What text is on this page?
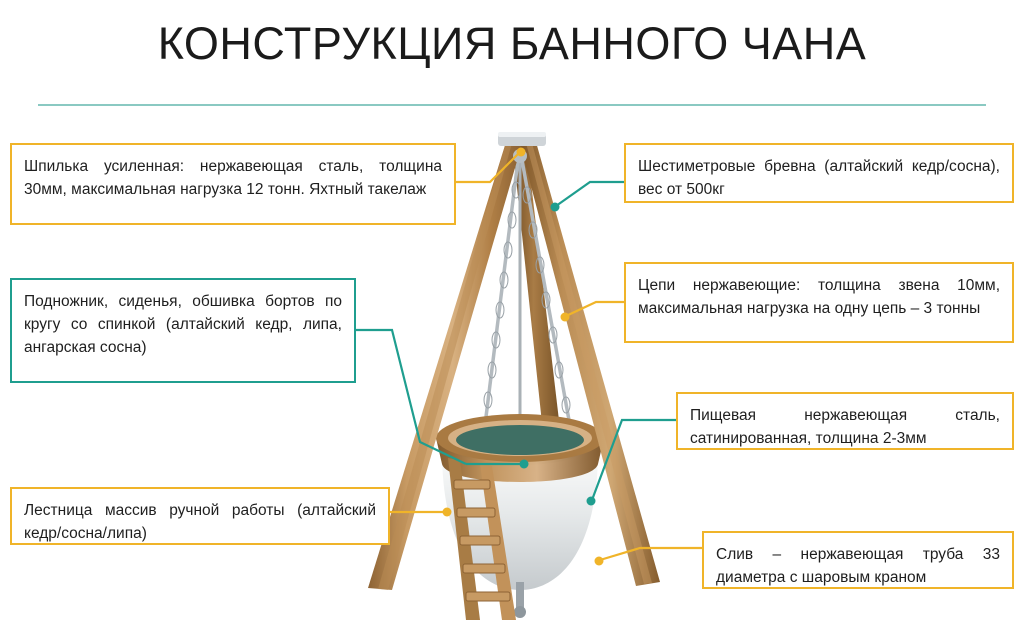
КОНСТРУКЦИЯ БАННОГО ЧАНА

Шпилька усиленная: нержавеющая сталь, толщина 30мм, максимальная нагрузка 12 тонн. Яхтный такелаж

Шестиметровые бревна (алтайский кедр/сосна), вес от 500кг

Подножник, сиденья, обшивка бортов по кругу со спинкой (алтайский кедр, липа, ангарская сосна)

Цепи нержавеющие: толщина звена 10мм, максимальная нагрузка на одну цепь – 3 тонны

Пищевая нержавеющая сталь, сатинированная, толщина 2-3мм

Лестница массив ручной работы (алтайский кедр/сосна/липа)

Слив – нержавеющая труба 33 диаметра с шаровым краном
